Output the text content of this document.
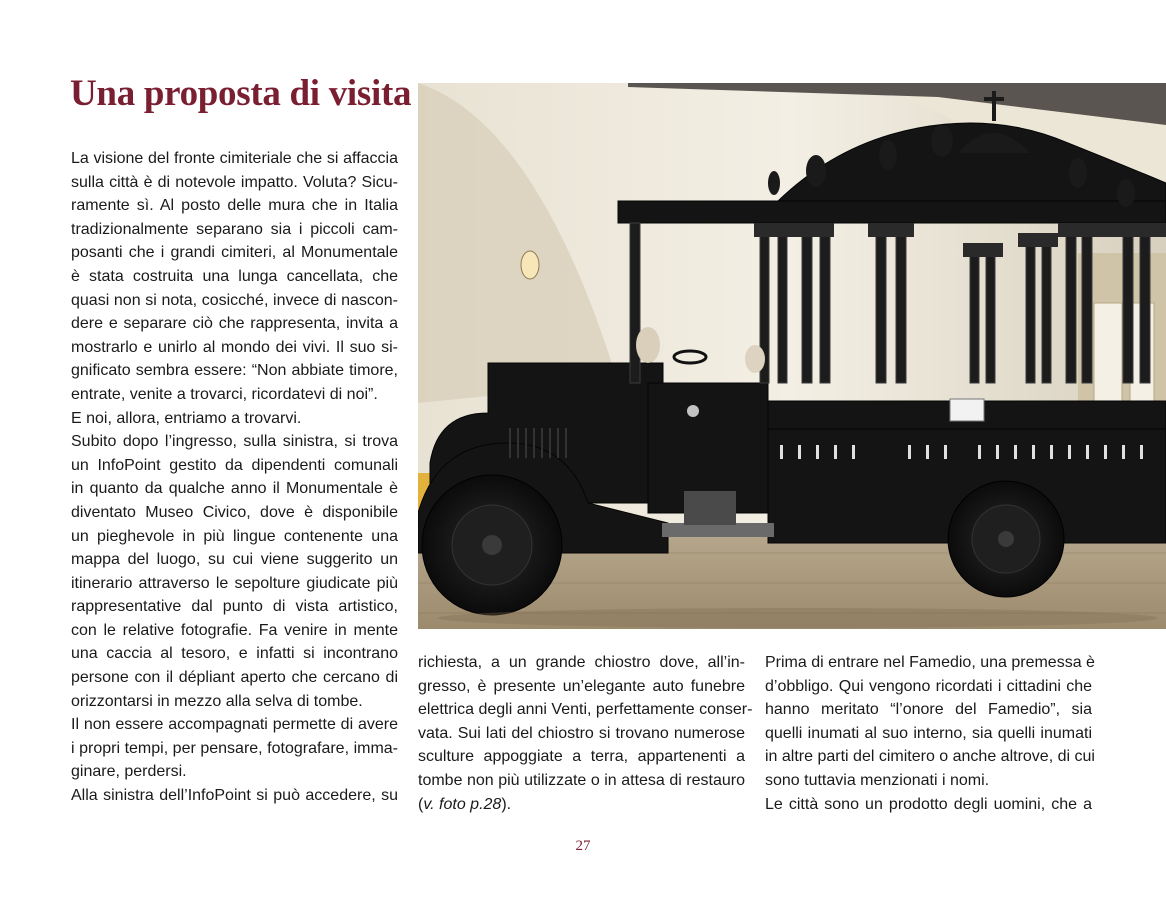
Una proposta di visita
La visione del fronte cimiteriale che si affaccia
sulla città è di notevole impatto. Voluta? Sicu-
ramente sì. Al posto delle mura che in Italia
tradizionalmente separano sia i piccoli cam-
posanti che i grandi cimiteri, al Monumentale
è stata costruita una lunga cancellata, che
quasi non si nota, cosicché, invece di nascon-
dere e separare ciò che rappresenta, invita a
mostrarlo e unirlo al mondo dei vivi. Il suo si-
gnificato sembra essere: “Non abbiate timore,
entrate, venite a trovarci, ricordatevi di noi”.
E noi, allora, entriamo a trovarvi.
Subito dopo l’ingresso, sulla sinistra, si trova
un InfoPoint gestito da dipendenti comunali
in quanto da qualche anno il Monumentale è
diventato Museo Civico, dove è disponibile
un pieghevole in più lingue contenente una
mappa del luogo, su cui viene suggerito un
itinerario attraverso le sepolture giudicate più
rappresentative dal punto di vista artistico,
con le relative fotografie. Fa venire in mente
una caccia al tesoro, e infatti si incontrano
persone con il dépliant aperto che cercano di
orizzontarsi in mezzo alla selva di tombe.
Il non essere accompagnati permette di avere
i propri tempi, per pensare, fotografare, imma-
ginare, perdersi.
Alla sinistra dell’InfoPoint si può accedere, su
richiesta, a un grande chiostro dove, all’in-
gresso, è presente un’elegante auto funebre
elettrica degli anni Venti, perfettamente conser-
vata. Sui lati del chiostro si trovano numerose
sculture appoggiate a terra, appartenenti a
tombe non più utilizzate o in attesa di restauro
(v. foto p.28).
Prima di entrare nel Famedio, una premessa è
d’obbligo. Qui vengono ricordati i cittadini che
hanno meritato “l’onore del Famedio”, sia
quelli inumati al suo interno, sia quelli inumati
in altre parti del cimitero o anche altrove, di cui
sono tuttavia menzionati i nomi.
Le città sono un prodotto degli uomini, che a
27
